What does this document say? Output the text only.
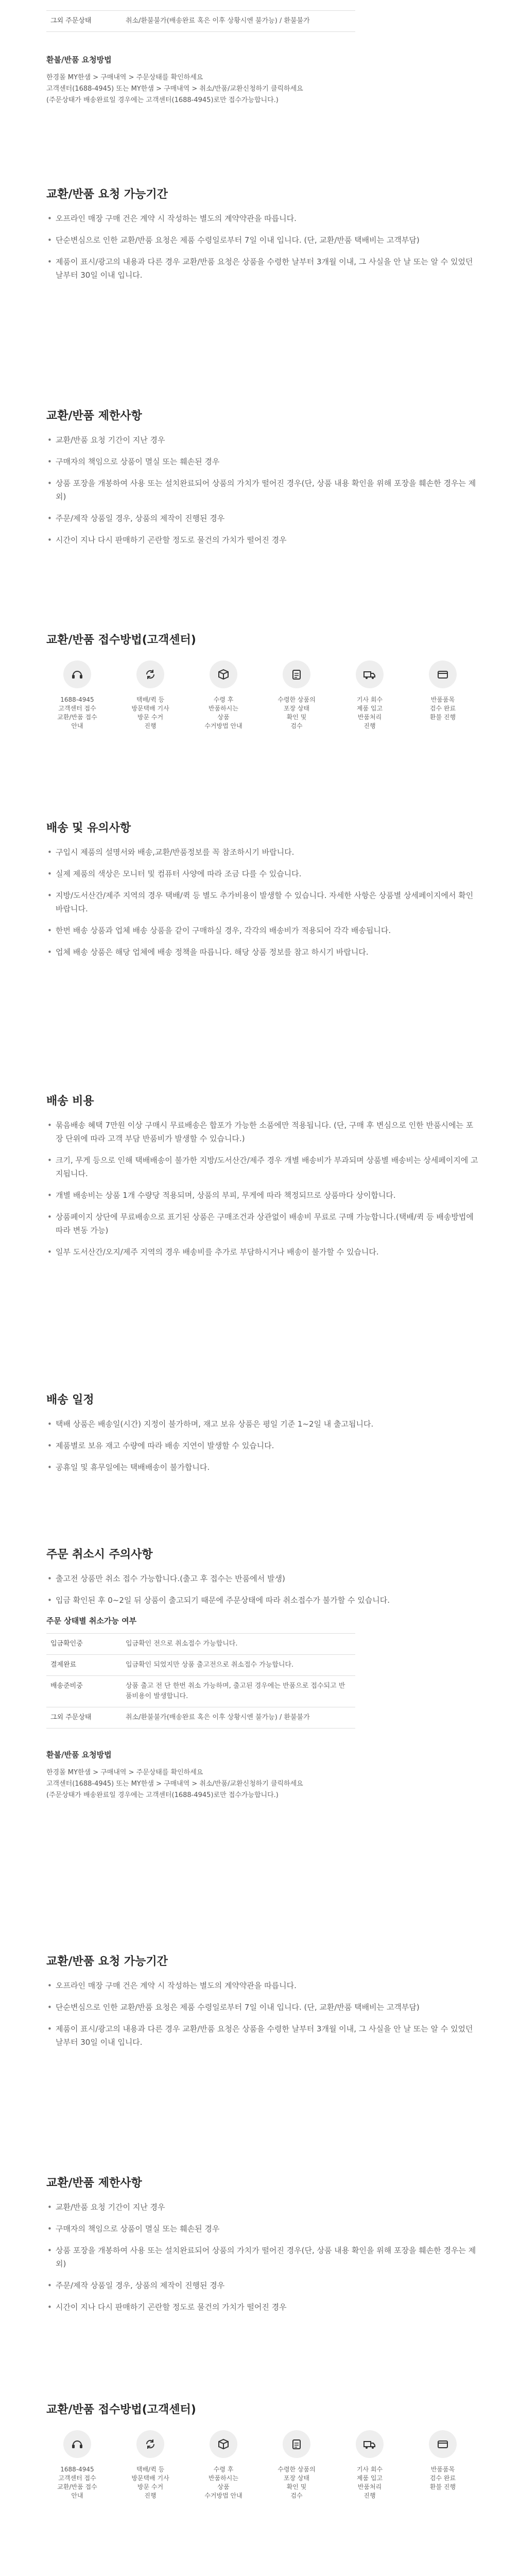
그외 주문상태	취소/환불불가(배송완료 혹은 이후 상황시엔 불가능) / 환불불가
환불/반품 요청방법
한경몰 MY한샘 > 구매내역 > 주문상태를 확인하세요
고객센터(1688-4945) 또는 MY한샘 > 구매내역 > 취소/반품/교환신청하기 클릭하세요
(주문상태가 배송완료일 경우에는 고객센터(1688-4945)로만 접수가능합니다.)
교환/반품 요청 가능기간
• 오프라인 매장 구매 건은 계약 시 작성하는 별도의 계약약관을 따릅니다.
• 단순변심으로 인한 교환/반품 요청은 제품 수령일로부터 7일 이내 입니다. (단, 교환/반품 택배비는 고객부담)
• 제품이 표시/광고의 내용과 다른 경우 교환/반품 요청은 상품을 수령한 날부터 3개월 이내, 그 사실을 안 날 또는 알 수 있었던 날부터 30일 이내 입니다.
교환/반품 제한사항
• 교환/반품 요청 기간이 지난 경우
• 구매자의 책임으로 상품이 멸실 또는 훼손된 경우
• 상품 포장을 개봉하여 사용 또는 설치완료되어 상품의 가치가 떨어진 경우(단, 상품 내용 확인을 위해 포장을 훼손한 경우는 제외)
• 주문/제작 상품일 경우, 상품의 제작이 진행된 경우
• 시간이 지나 다시 판매하기 곤란할 정도로 물건의 가치가 떨어진 경우
교환/반품 접수방법(고객센터)
1688-4945
고객센터 접수
교환/반품 접수
안내
택배/퀵 등
방문택배 기사
방문 수거
진행
수령 후
반품하시는
상품
수거방법 안내
수령한 상품의
포장 상태
확인 및
검수
기사 회수
제품 입고
반품처리
진행
반품품목
검수 완료
환불 진행
배송 및 유의사항
• 구입시 제품의 설명서와 배송,교환/반품정보를 꼭 참조하시기 바랍니다.
• 실제 제품의 색상은 모니터 및 컴퓨터 사양에 따라 조금 다를 수 있습니다.
• 지방/도서산간/제주 지역의 경우 택배/퀵 등 별도 추가비용이 발생할 수 있습니다. 자세한 사항은 상품별 상세페이지에서 확인 바랍니다.
• 한번 배송 상품과 업체 배송 상품을 같이 구매하실 경우, 각각의 배송비가 적용되어 각각 배송됩니다.
• 업체 배송 상품은 해당 업체에 배송 정책을 따릅니다. 해당 상품 정보를 참고 하시기 바랍니다.
배송 비용
• 묶음배송 혜택 7만원 이상 구매시 무료배송은 합포가 가능한 소품에만 적용됩니다. (단, 구매 후 변심으로 인한 반품시에는 포장 단위에 따라 고객 부담 반품비가 발생할 수 있습니다.)
• 크기, 무게 등으로 인해 택배배송이 불가한 지방/도서산간/제주 경우 개별 배송비가 부과되며 상품별 배송비는 상세페이지에 고지됩니다.
• 개별 배송비는 상품 1개 수량당 적용되며, 상품의 부피, 무게에 따라 책정되므로 상품마다 상이합니다.
• 상품페이지 상단에 무료배송으로 표기된 상품은 구매조건과 상관없이 배송비 무료로 구매 가능합니다.(택배/퀵 등 배송방법에 따라 변동 가능)
• 일부 도서산간/오지/제주 지역의 경우 배송비를 추가로 부담하시거나 배송이 불가할 수 있습니다.
배송 일정
• 택배 상품은 배송일(시간) 지정이 불가하며, 재고 보유 상품은 평일 기준 1~2일 내 출고됩니다.
• 제품별로 보유 재고 수량에 따라 배송 지연이 발생할 수 있습니다.
• 공휴일 및 휴무일에는 택배배송이 불가합니다.
주문 취소시 주의사항
• 출고전 상품만 취소 접수 가능합니다.(출고 후 접수는 반품에서 발생)
• 입금 확인된 후 0~2일 뒤 상품이 출고되기 때문에 주문상태에 따라 취소접수가 불가할 수 있습니다.
주문 상태별 취소가능 여부
입금확인중	입금확인 전으로 취소접수 가능합니다.
결제완료	입금확인 되었지만 상품 출고전으로 취소접수 가능합니다.
배송준비중	상품 출고 전 단 한번 취소 가능하며, 출고된 경우에는 반품으로 접수되고 반품비용이 발생합니다.
그외 주문상태	취소/환불불가(배송완료 혹은 이후 상황시엔 불가능) / 환불불가
환불/반품 요청방법
한경몰 MY한샘 > 구매내역 > 주문상태를 확인하세요
고객센터(1688-4945) 또는 MY한샘 > 구매내역 > 취소/반품/교환신청하기 클릭하세요
(주문상태가 배송완료일 경우에는 고객센터(1688-4945)로만 접수가능합니다.)
교환/반품 요청 가능기간
• 오프라인 매장 구매 건은 계약 시 작성하는 별도의 계약약관을 따릅니다.
• 단순변심으로 인한 교환/반품 요청은 제품 수령일로부터 7일 이내 입니다. (단, 교환/반품 택배비는 고객부담)
• 제품이 표시/광고의 내용과 다른 경우 교환/반품 요청은 상품을 수령한 날부터 3개월 이내, 그 사실을 안 날 또는 알 수 있었던 날부터 30일 이내 입니다.
교환/반품 제한사항
• 교환/반품 요청 기간이 지난 경우
• 구매자의 책임으로 상품이 멸실 또는 훼손된 경우
• 상품 포장을 개봉하여 사용 또는 설치완료되어 상품의 가치가 떨어진 경우(단, 상품 내용 확인을 위해 포장을 훼손한 경우는 제외)
• 주문/제작 상품일 경우, 상품의 제작이 진행된 경우
• 시간이 지나 다시 판매하기 곤란할 정도로 물건의 가치가 떨어진 경우
교환/반품 접수방법(고객센터)
1688-4945
고객센터 접수
교환/반품 접수
안내
택배/퀵 등
방문택배 기사
방문 수거
진행
수령 후
반품하시는
상품
수거방법 안내
수령한 상품의
포장 상태
확인 및
검수
기사 회수
제품 입고
반품처리
진행
반품품목
검수 완료
환불 진행
